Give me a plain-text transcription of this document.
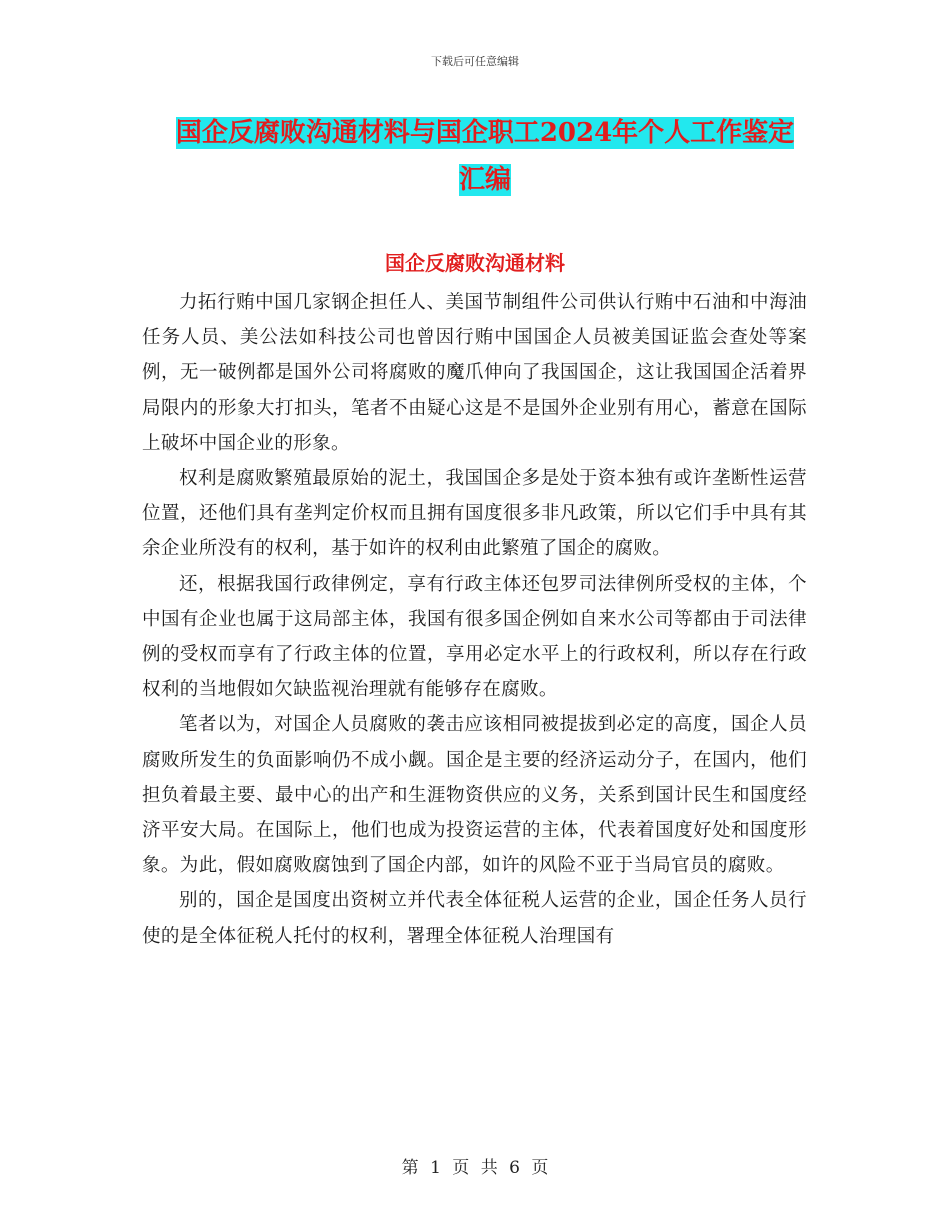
下载后可任意编辑
国企反腐败沟通材料与国企职工2024年个人工作鉴定
汇编
国企反腐败沟通材料

力拓行贿中国几家钢企担任人、美国节制组件公司供认行贿中石油和中海油任务人员、美公法如科技公司也曾因行贿中国国企人员被美国证监会查处等案例，无一破例都是国外公司将腐败的魔爪伸向了我国国企，这让我国国企活着界局限内的形象大打扣头，笔者不由疑心这是不是国外企业别有用心，蓄意在国际上破坏中国企业的形象。

权利是腐败繁殖最原始的泥土，我国国企多是处于资本独有或许垄断性运营位置，还他们具有垄判定价权而且拥有国度很多非凡政策，所以它们手中具有其余企业所没有的权利，基于如许的权利由此繁殖了国企的腐败。

还，根据我国行政律例定，享有行政主体还包罗司法律例所受权的主体，个中国有企业也属于这局部主体，我国有很多国企例如自来水公司等都由于司法律例的受权而享有了行政主体的位置，享用必定水平上的行政权利，所以存在行政权利的当地假如欠缺监视治理就有能够存在腐败。

笔者以为，对国企人员腐败的袭击应该相同被提拔到必定的高度，国企人员腐败所发生的负面影响仍不成小觑。国企是主要的经济运动分子，在国内，他们担负着最主要、最中心的出产和生涯物资供应的义务，关系到国计民生和国度经济平安大局。在国际上，他们也成为投资运营的主体，代表着国度好处和国度形象。为此，假如腐败腐蚀到了国企内部，如许的风险不亚于当局官员的腐败。

别的，国企是国度出资树立并代表全体征税人运营的企业，国企任务人员行使的是全体征税人托付的权利，署理全体征税人治理国有

第 1 页 共 6 页
